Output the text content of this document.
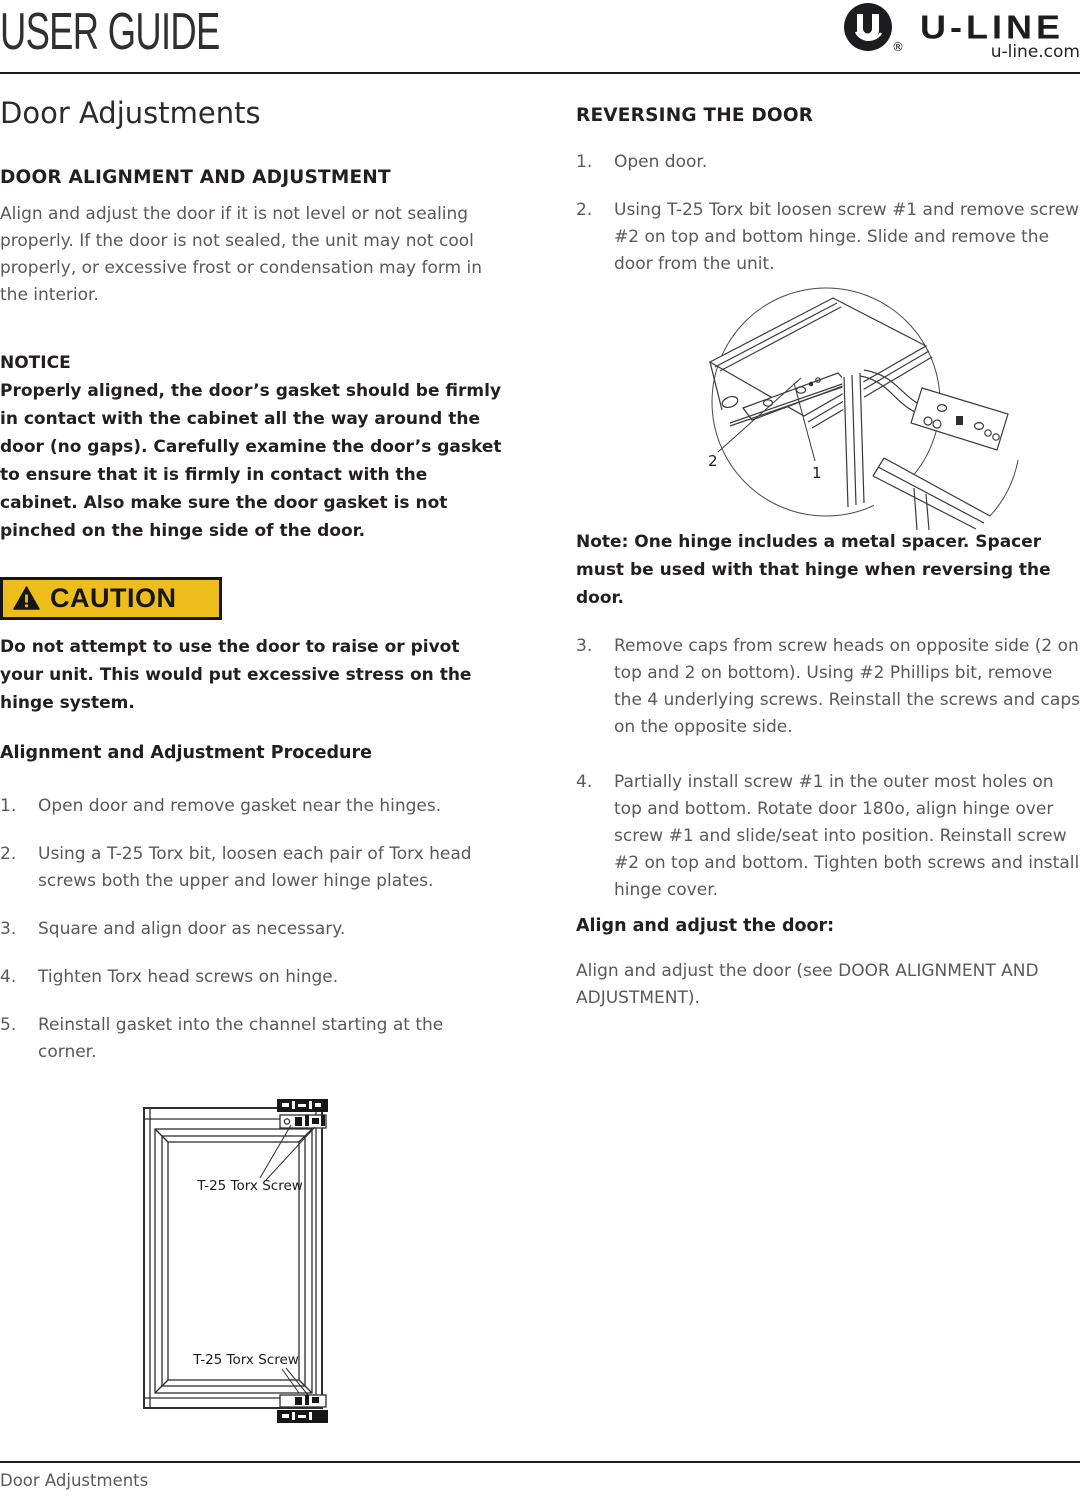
USER GUIDE	®
U-LINE
u-line.com
Door Adjustments
DOOR ALIGNMENT AND ADJUSTMENT
Align and adjust the door if it is not level or not sealing properly. If the door is not sealed, the unit may not cool properly, or excessive frost or condensation may form in the interior.
NOTICE
Properly aligned, the door’s gasket should be firmly in contact with the cabinet all the way around the door (no gaps). Carefully examine the door’s gasket to ensure that it is firmly in contact with the cabinet. Also make sure the door gasket is not pinched on the hinge side of the door.
CAUTION
Do not attempt to use the door to raise or pivot your unit. This would put excessive stress on the hinge system.
Alignment and Adjustment Procedure
1.	Open door and remove gasket near the hinges.
2.	Using a T-25 Torx bit, loosen each pair of Torx head screws both the upper and lower hinge plates.
3.	Square and align door as necessary.
4.	Tighten Torx head screws on hinge.
5.	Reinstall gasket into the channel starting at the corner.
T-25 Torx Screw
T-25 Torx Screw
REVERSING THE DOOR
1.	Open door.
2.	Using T-25 Torx bit loosen screw #1 and remove screw #2 on top and bottom hinge. Slide and remove the door from the unit.
2
1
Note: One hinge includes a metal spacer. Spacer must be used with that hinge when reversing the door.
3.	Remove caps from screw heads on opposite side (2 on top and 2 on bottom). Using #2 Phillips bit, remove the 4 underlying screws. Reinstall the screws and caps on the opposite side.
4.	Partially install screw #1 in the outer most holes on top and bottom. Rotate door 180o, align hinge over screw #1 and slide/seat into position. Reinstall screw #2 on top and bottom. Tighten both screws and install hinge cover.
Align and adjust the door:
Align and adjust the door (see DOOR ALIGNMENT AND ADJUSTMENT).
Door Adjustments
